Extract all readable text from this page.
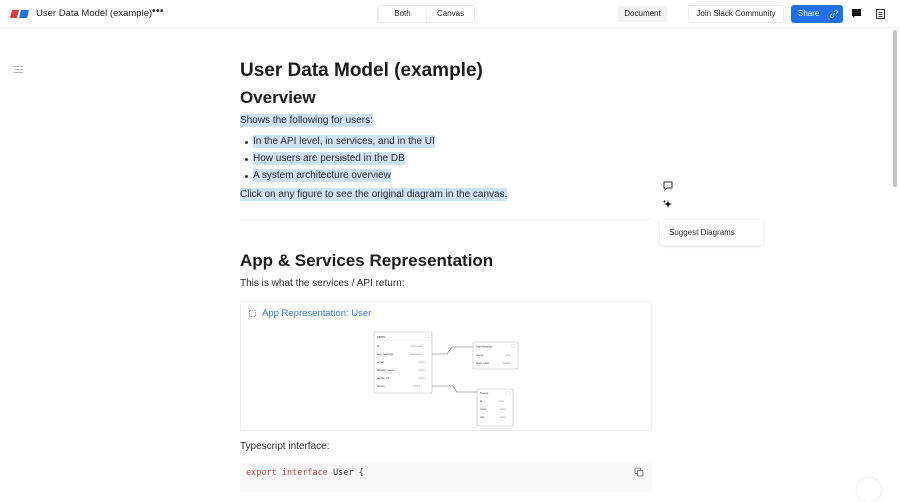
User Data Model (example) •••	Document
Both	Canvas	Join Slack Community	Share
User Data Model (example)
Overview
Shows the following for users:
In the API level, in services, and in the UI
How users are persisted in the DB
A system architecture overview
Click on any figure to see the original diagram in the canvas.
App & Services Representation
This is what the services / API return:
App Representation: User
users
id	string uuid
app_settings	UserSettings
email	string
display_name	string
profile_url	string
teams	Team[]
UserSettings
theme	string
show_tools	boolean
Teams
id	string
name	string
role	string
Typescript interface:
export interface User {
Suggest Diagrams
